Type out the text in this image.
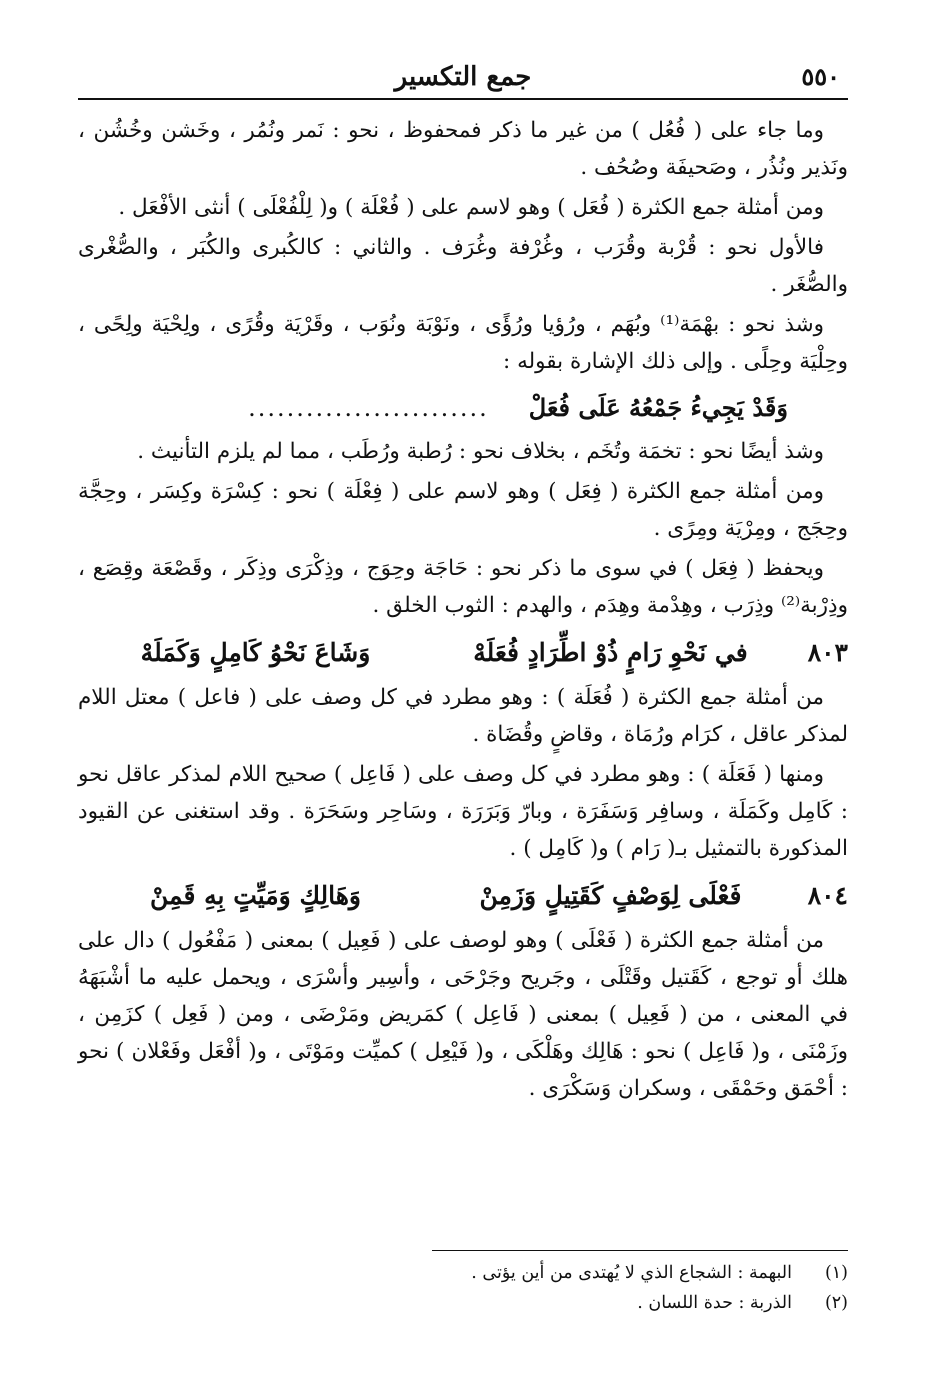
٥٥٠
جمع التكسير

وما جاء على ( فُعُل ) من غير ما ذكر فمحفوظ ، نحو : نَمر ونُمُر ، وخَشن وخُشُن ، ونَذير ونُذُر ، وصَحيفَة وصُحُف .

ومن أمثلة جمع الكثرة ( فُعَل ) وهو لاسم على ( فُعْلَة ) و( لِلْفُعْلَى ) أنثى الأفْعَل .

فالأول نحو : قُرْبة وقُرَب ، وغُرْفة وغُرَف . والثاني : كالكُبرى والكُبَر ، والصُّغْرى والصُّغَر .

وشذ نحو : بهْمَة⁽¹⁾ وبُهَم ، ورُؤيا ورُؤًى ، ونَوْبَة ونُوَب ، وقَرْيَة وقُرًى ، ولِحْيَة ولِحًى ، وحِلْيَة وحِلًى . وإلى ذلك الإشارة بقوله :

وَقَدْ يَجِيءُ جَمْعُهُ عَلَى فُعَلْ
.........................

وشذ أيضًا نحو : تخمَة وتُخَم ، بخلاف نحو : رُطبة ورُطَب ، مما لم يلزم التأنيث .

ومن أمثلة جمع الكثرة ( فِعَل ) وهو لاسم على ( فِعْلَة ) نحو : كِسْرَة وكِسَر ، وحِجَّة وحِجَج ، ومِرْيَة ومِرًى .

ويحفظ ( فِعَل ) في سوى ما ذكر نحو : حَاجَة وحِوَج ، وذِكْرَى وذِكَر ، وقَصْعَة وقِصَع ، وذِرْبة⁽²⁾ وذِرَب ، وهِدْمة وهِدَم ، والهدم : الثوب الخلق .

٨٠٣
في نَحْوِ رَامٍ ذُوْ اطِّرَادٍ فُعَلَهْ
وَشَاعَ نَحْوُ كَامِلٍ وَكَمَلَهْ

من أمثلة جمع الكثرة ( فُعَلَة ) : وهو مطرد في كل وصف على ( فاعل ) معتل اللام لمذكر عاقل ، كرَام ورُمَاة ، وقاضٍ وقُضَاة .

ومنها ( فَعَلَة ) : وهو مطرد في كل وصف على ( فَاعِل ) صحيح اللام لمذكر عاقل نحو : كَامِل وكَمَلَة ، وسافِر وَسَفَرَة ، وبارّ وَبَرَرَة ، وسَاحِر وسَحَرَة . وقد استغنى عن القيود المذكورة بالتمثيل بـ( رَام ) و( كَامِل ) .

٨٠٤
فَعْلَى لِوَصْفٍ كَقَتِيلٍ وَزَمِنْ
وَهَالِكٍ وَمَيِّتٍ بِهِ قَمِنْ

من أمثلة جمع الكثرة ( فَعْلَى ) وهو لوصف على ( فَعِيل ) بمعنى ( مَفْعُول ) دال على هلك أو توجع ، كَقَتيل وقَتْلَى ، وجَريح وجَرْحَى ، وأسِير وأسْرَى ، ويحمل عليه ما أشْبَهَهُ في المعنى ، من ( فَعِيل ) بمعنى ( فَاعِل ) كمَريض ومَرْضَى ، ومن ( فَعِل ) كزَمِن ، وزَمْنَى ، و( فَاعِل ) نحو : هَالِك وهَلْكَى ، و( فَيْعِل ) كميِّت ومَوْتَى ، و( أفْعَل وفَعْلان ) نحو : أحْمَق وحَمْقَى ، وسكران وَسَكْرَى .

(١)
البهمة : الشجاع الذي لا يُهتدى من أين يؤتى .
(٢)
الذربة : حدة اللسان .
